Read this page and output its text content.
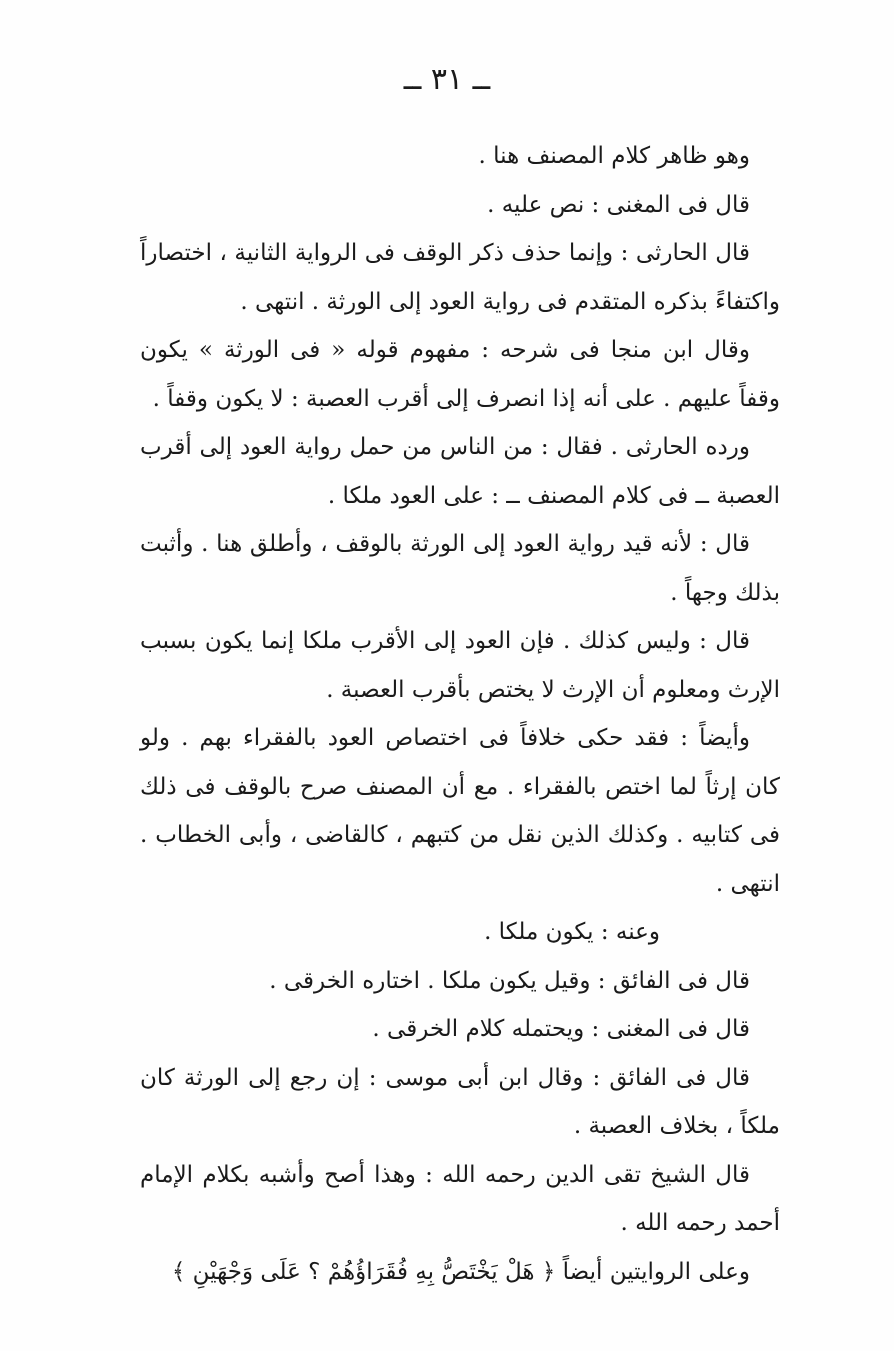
ــ ٣١ ــ

وهو ظاهر كلام المصنف هنا .

قال فى المغنى : نص عليه .

قال الحارثى : وإنما حذف ذكر الوقف فى الرواية الثانية ، اختصاراً واكتفاءً بذكره المتقدم فى رواية العود إلى الورثة . انتهى .

وقال ابن منجا فى شرحه : مفهوم قوله « فى الورثة » يكون وقفاً عليهم . على أنه إذا انصرف إلى أقرب العصبة : لا يكون وقفاً .

ورده الحارثى . فقال : من الناس من حمل رواية العود إلى أقرب العصبة ــ فى كلام المصنف ــ : على العود ملكا .

قال : لأنه قيد رواية العود إلى الورثة بالوقف ، وأطلق هنا . وأثبت بذلك وجهاً .

قال : وليس كذلك . فإن العود إلى الأقرب ملكا إنما يكون بسبب الإرث ومعلوم أن الإرث لا يختص بأقرب العصبة .

وأيضاً : فقد حكى خلافاً فى اختصاص العود بالفقراء بهم . ولو كان إرثاً لما اختص بالفقراء . مع أن المصنف صرح بالوقف فى ذلك فى كتابيه . وكذلك الذين نقل من كتبهم ، كالقاضى ، وأبى الخطاب . انتهى .

وعنه : يكون ملكا .

قال فى الفائق : وقيل يكون ملكا . اختاره الخرقى .

قال فى المغنى : ويحتمله كلام الخرقى .

قال فى الفائق : وقال ابن أبى موسى : إن رجع إلى الورثة كان ملكاً ، بخلاف العصبة .

قال الشيخ تقى الدين رحمه الله : وهذا أصح وأشبه بكلام الإمام أحمد رحمه الله .

وعلى الروايتين أيضاً ﴿ هَلْ يَخْتَصُّ بِهِ فُقَرَاؤُهُمْ ؟ عَلَى وَجْهَيْنِ ﴾
